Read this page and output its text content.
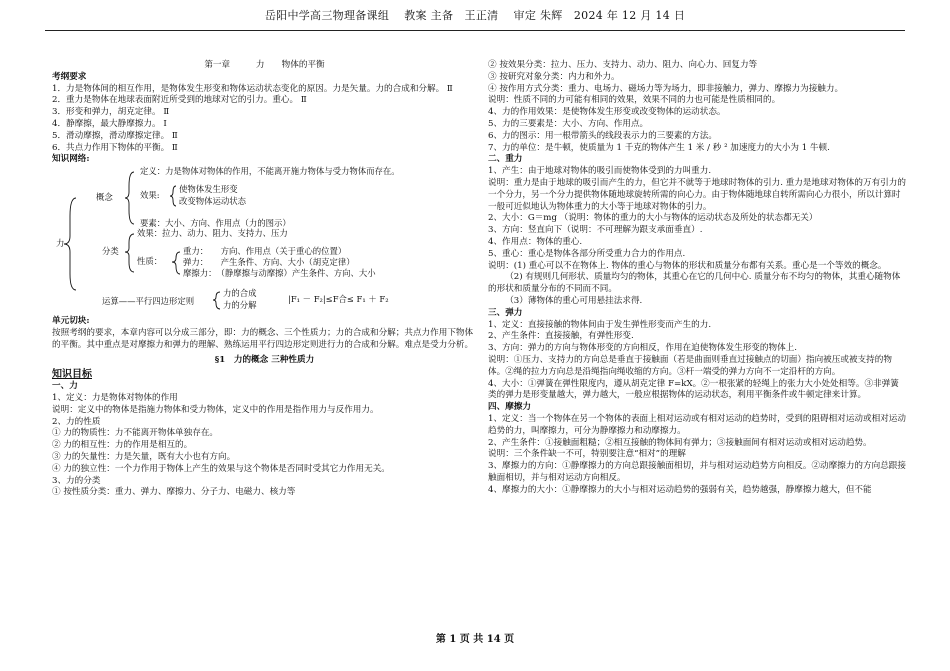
岳阳中学高三物理备课组　 教案 主备　王正清　 审定 朱辉　2024 年 12 月 14 日
第一章　　　力　　物体的平衡
考纲要求
1．力是物体间的相互作用，是物体发生形变和物体运动状态变化的原因。力是矢量。力的合成和分解。 Ⅱ
2．重力是物体在地球表面附近所受到的地球对它的引力。重心。 Ⅱ
3．形变和弹力，胡克定律。 Ⅱ
4．静摩擦，最大静摩擦力。 Ⅰ
5．滑动摩擦，滑动摩擦定律。 Ⅱ
6．共点力作用下物体的平衡。 Ⅱ
知识网络:
力
概念
定义：力是物体对物体的作用，不能离开施力物体与受力物体而存在。
效果:
使物体发生形变
改变物体运动状态
要素：大小、方向、作用点（力的图示）
分类
效果：拉力、动力、阻力、支持力、压力
性质：
重力：　　方向、作用点（关于重心的位置）
弹力：　　产生条件、方向、大小（胡克定律）
摩擦力：　（静摩擦与动摩擦）产生条件、方向、大小
运算——平行四边形定则
力的合成
力的分解
|F₁ － F₂|≤F合≤ F₁ ＋ F₂
单元切块:
按照考纲的要求，本章内容可以分成三部分，即：力的概念、三个性质力；力的合成和分解；共点力作用下物体的平衡。其中重点是对摩擦力和弹力的理解、熟练运用平行四边形定则进行力的合成和分解。难点是受力分析。
§1　力的概念 三种性质力
知识目标
一、力
1、定义：力是物体对物体的作用
说明：定义中的物体是指施力物体和受力物体，定义中的作用是指作用力与反作用力。
2、力的性质
① 力的物质性：力不能离开物体单独存在。
② 力的相互性：力的作用是相互的。
③ 力的矢量性：力是矢量，既有大小也有方向。
④ 力的独立性：一个力作用于物体上产生的效果与这个物体是否同时受其它力作用无关。
3、力的分类
① 按性质分类：重力、弹力、摩擦力、分子力、电磁力、核力等
② 按效果分类：拉力、压力、支持力、动力、阻力、向心力、回复力等
③ 按研究对象分类：内力和外力。
④ 按作用方式分类：重力、电场力、磁场力等为场力，即非接触力，弹力、摩擦力为接触力。
说明：性质不同的力可能有相同的效果，效果不同的力也可能是性质相同的。
4、力的作用效果：是使物体发生形变或改变物体的运动状态。
5、力的三要素是：大小、方向、作用点。
6、力的图示：用一根带箭头的线段表示力的三要素的方法。
7、力的单位：是牛顿，使质量为 1 千克的物体产生 1 米 / 秒 ² 加速度力的大小为 1 牛顿.
二、重力
1、产生：由于地球对物体的吸引而使物体受到的力叫重力.
说明：重力是由于地球的吸引而产生的力，但它并不就等于地球时物体的引力. 重力是地球对物体的万有引力的一个分力，另一个分力提供物体随地球旋转所需的向心力。由于物体随地球自转所需向心力很小，所以计算时一般可近似地认为物体重力的大小等于地球对物体的引力。
2、大小：G＝mg （说明：物体的重力的大小与物体的运动状态及所处的状态都无关）
3、方向：竖直向下（说明：不可理解为跟支承面垂直）.
4、作用点：物体的重心.
5、重心：重心是物体各部分所受重力合力的作用点.
说明：(1) 重心可以不在物体上. 物体的重心与物体的形状和质量分布都有关系。重心是一个等效的概念。
（2) 有规则几何形状、质量均匀的物体，其重心在它的几何中心. 质量分布不均匀的物体，其重心随物体的形状和质量分布的不同而不同。
（3）薄物体的重心可用悬挂法求得.
三、弹力
1、定义：直接接触的物体间由于发生弹性形变而产生的力.
2、产生条件：直接接触，有弹性形变.
3、方向：弹力的方向与物体形变的方向相反，作用在迫使物体发生形变的物体上.
说明：①压力、支持力的方向总是垂直于接触面（若是曲面则垂直过接触点的切面）指向被压或被支持的物体。②绳的拉力方向总是沿绳指向绳收缩的方向。③杆一端受的弹力方向不一定沿杆的方向。
4、大小：①弹簧在弹性限度内，遵从胡克定律 F=kX。②一根张紧的轻绳上的张力大小处处相等。③非弹簧类的弹力是形变量越大，弹力越大，一般应根据物体的运动状态，利用平衡条件或牛顿定律来计算。
四、摩擦力
1、定义：当一个物体在另一个物体的表面上相对运动或有相对运动的趋势时，受到的阻碍相对运动或相对运动趋势的力，叫摩擦力，可分为静摩擦力和动摩擦力。
2、产生条件：①接触面粗糙；②相互接触的物体间有弹力；③接触面间有相对运动或相对运动趋势。
说明：三个条件缺一不可，特别要注意“相对”的理解
3、摩擦力的方向：①静摩擦力的方向总跟接触面相切，并与相对运动趋势方向相反。②动摩擦力的方向总跟接触面相切，并与相对运动方向相反。
4、摩擦力的大小：①静摩擦力的大小与相对运动趋势的强弱有关，趋势越强，静摩擦力越大，但不能
第 1 页 共 14 页
